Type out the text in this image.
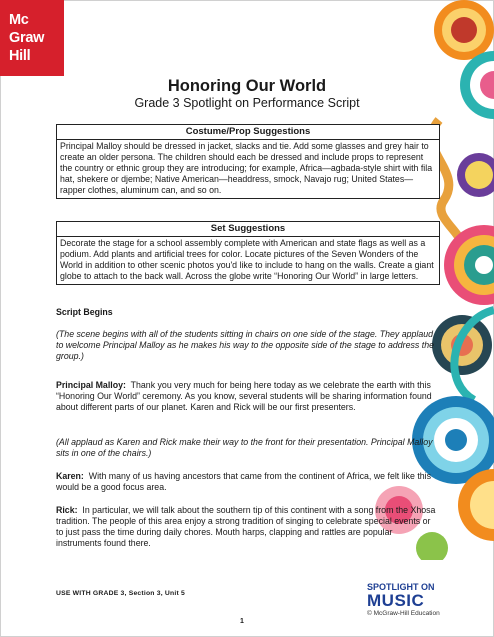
Mc
Graw
Hill
Honoring Our World
Grade 3 Spotlight on Performance Script
Costume/Prop Suggestions
Principal Malloy should be dressed in jacket, slacks and tie. Add some glasses and grey hair to create an older persona. The children should each be dressed and include props to represent the country or ethnic group they are introducing; for example, Africa—agbada-style shirt with fila hat, shekere or djembe; Native American—headdress, smock, Navajo rug; United States—rapper clothes, aluminum can, and so on.
Set Suggestions
Decorate the stage for a school assembly complete with American and state flags as well as a podium. Add plants and artificial trees for color. Locate pictures of the Seven Wonders of the World in addition to other scenic photos you'd like to include to hang on the walls. Create a giant globe to attach to the back wall. Across the globe write “Honoring Our World” in large letters.
Script Begins
(The scene begins with all of the students sitting in chairs on one side of the stage. They applaud to welcome Principal Malloy as he makes his way to the opposite side of the stage to address the group.)
Principal Malloy: Thank you very much for being here today as we celebrate the earth with this “Honoring Our World” ceremony. As you know, several students will be sharing information found about different parts of our planet. Karen and Rick will be our first presenters.
(All applaud as Karen and Rick make their way to the front for their presentation. Principal Malloy sits in one of the chairs.)
Karen: With many of us having ancestors that came from the continent of Africa, we felt like this would be a good focus area.
Rick: In particular, we will talk about the southern tip of this continent with a song from the Xhosa tradition. The people of this area enjoy a strong tradition of singing to celebrate special events or to just pass the time during daily chores. Mouth harps, clapping and rattles are popular instruments found there.
USE WITH GRADE 3, Section 3, Unit 5
1
SPOTLIGHT ON
MUSIC
© McGraw-Hill Education
